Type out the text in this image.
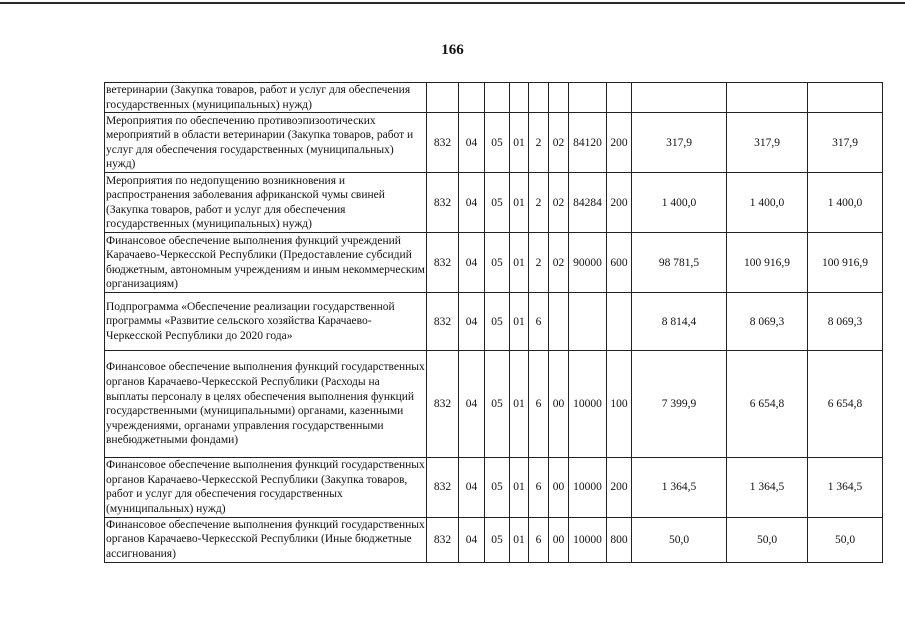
166
ветеринарии (Закупка товаров, работ и услуг для обеспечения государственных (муниципальных) нужд)											
Мероприятия по обеспечению противоэпизоотических мероприятий в области ветеринарии (Закупка товаров, работ и услуг для обеспечения государственных (муниципальных) нужд)	832	04	05	01	2	02	84120	200	317,9	317,9	317,9
Мероприятия по недопущению возникновения и распространения заболевания африканской чумы свиней (Закупка товаров, работ и услуг для обеспечения государственных (муниципальных) нужд)	832	04	05	01	2	02	84284	200	1 400,0	1 400,0	1 400,0
Финансовое обеспечение выполнения функций учреждений Карачаево-Черкесской Республики (Предоставление субсидий бюджетным, автономным учреждениям и иным некоммерческим организациям)	832	04	05	01	2	02	90000	600	98 781,5	100 916,9	100 916,9
Подпрограмма «Обеспечение реализации государственной программы «Развитие сельского хозяйства Карачаево-Черкесской Республики до 2020 года»	832	04	05	01	6				8 814,4	8 069,3	8 069,3
Финансовое обеспечение выполнения функций государственных органов Карачаево-Черкесской Республики (Расходы на выплаты персоналу в целях обеспечения выполнения функций государственными (муниципальными) органами, казенными учреждениями, органами управления государственными внебюджетными фондами)	832	04	05	01	6	00	10000	100	7 399,9	6 654,8	6 654,8
Финансовое обеспечение выполнения функций государственных органов Карачаево-Черкесской Республики (Закупка товаров, работ и услуг для обеспечения государственных (муниципальных) нужд)	832	04	05	01	6	00	10000	200	1 364,5	1 364,5	1 364,5
Финансовое обеспечение выполнения функций государственных органов Карачаево-Черкесской Республики (Иные бюджетные ассигнования)	832	04	05	01	6	00	10000	800	50,0	50,0	50,0
